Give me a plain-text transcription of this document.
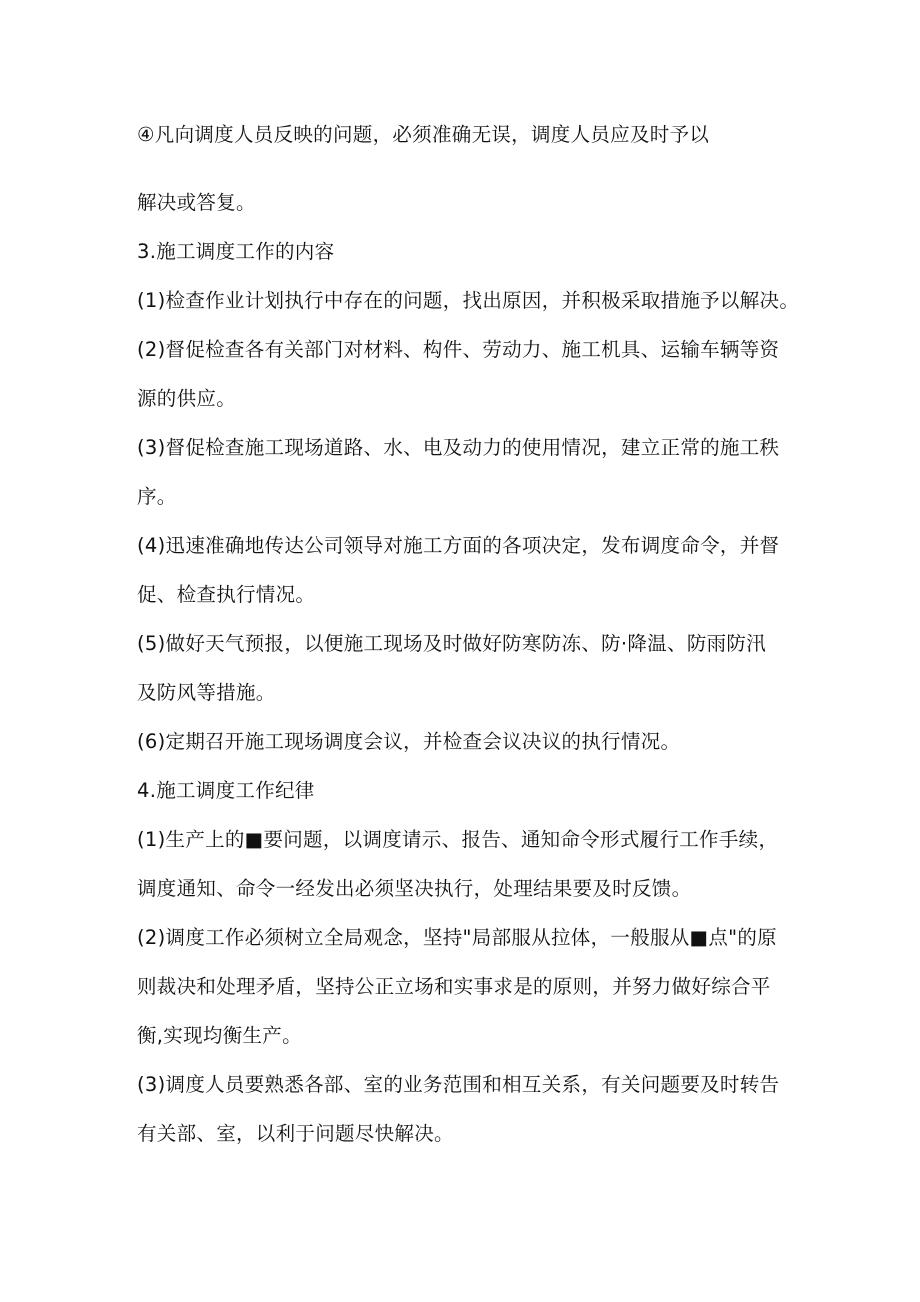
④凡向调度人员反映的问题，必须准确无误，调度人员应及时予以
解决或答复。
3.施工调度工作的内容
(1)检查作业计划执行中存在的问题，找出原因，并积极采取措施予以解决。
(2)督促检查各有关部门对材料、构件、劳动力、施工机具、运输车辆等资
源的供应。
(3)督促检查施工现场道路、水、电及动力的使用情况，建立正常的施工秩
序。
(4)迅速准确地传达公司领导对施工方面的各项决定，发布调度命令，并督
促、检查执行情况。
(5)做好天气预报，以便施工现场及时做好防寒防冻、防·降温、防雨防汛
及防风等措施。
(6)定期召开施工现场调度会议，并检查会议决议的执行情况。
4.施工调度工作纪律
(1)生产上的■要问题，以调度请示、报告、通知命令形式履行工作手续，
调度通知、命令一经发出必须坚决执行，处理结果要及时反馈。
(2)调度工作必须树立全局观念，坚持"局部服从拉体，一般服从■点"的原
则裁决和处理矛盾，坚持公正立场和实事求是的原则，并努力做好综合平
衡,实现均衡生产。
(3)调度人员要熟悉各部、室的业务范围和相互关系，有关问题要及时转告
有关部、室，以利于问题尽快解决。
